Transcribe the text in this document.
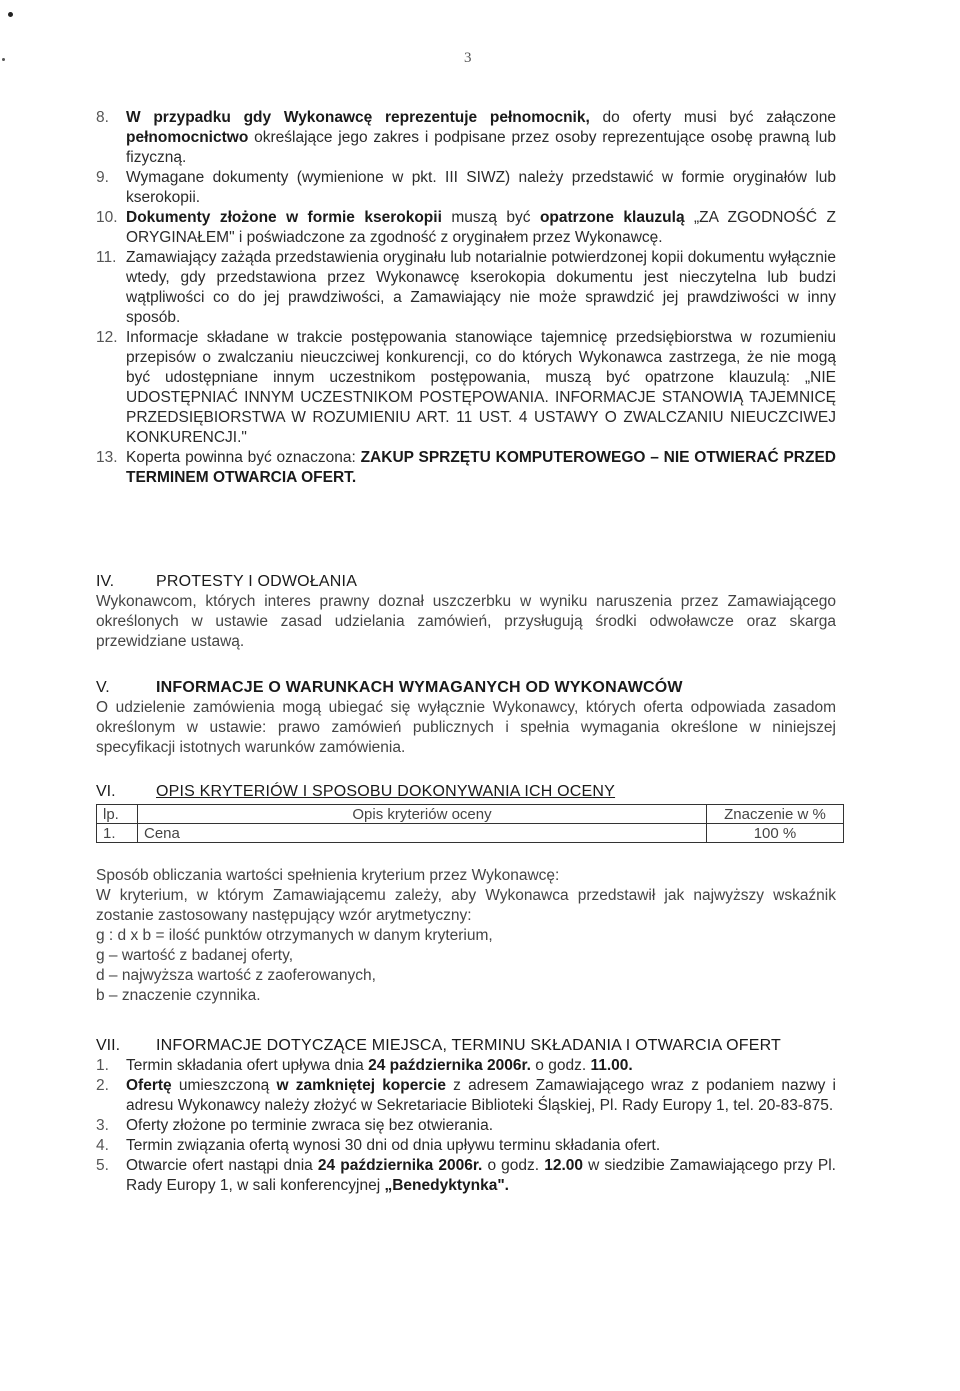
3
8.	W przypadku gdy Wykonawcę reprezentuje pełnomocnik, do oferty musi być załączone pełnomocnictwo określające jego zakres i podpisane przez osoby reprezentujące osobę prawną lub fizyczną.
9.	Wymagane dokumenty (wymienione w pkt. III SIWZ) należy przedstawić w formie oryginałów lub kserokopii.
10. Dokumenty złożone w formie kserokopii muszą być opatrzone klauzulą „ZA ZGODNOŚĆ Z ORYGINAŁEM" i poświadczone za zgodność z oryginałem przez Wykonawcę.
11. Zamawiający zażąda przedstawienia oryginału lub notarialnie potwierdzonej kopii dokumentu wyłącznie wtedy, gdy przedstawiona przez Wykonawcę kserokopia dokumentu jest nieczytelna lub budzi wątpliwości co do jej prawdziwości, a Zamawiający nie może sprawdzić jej prawdziwości w inny sposób.
12. Informacje składane w trakcie postępowania stanowiące tajemnicę przedsiębiorstwa w rozumieniu przepisów o zwalczaniu nieuczciwej konkurencji, co do których Wykonawca zastrzega, że nie mogą być udostępniane innym uczestnikom postępowania, muszą być opatrzone klauzulą: „NIE UDOSTĘPNIAĆ INNYM UCZESTNIKOM POSTĘPOWANIA. INFORMACJE STANOWIĄ TAJEMNICĘ PRZEDSIĘBIORSTWA W ROZUMIENIU ART. 11 UST. 4 USTAWY O ZWALCZANIU NIEUCZCIWEJ KONKURENCJI."
13. Koperta powinna być oznaczona: ZAKUP SPRZĘTU KOMPUTEROWEGO – NIE OTWIERAĆ PRZED TERMINEM OTWARCIA OFERT.
IV.	PROTESTY I ODWOŁANIA
Wykonawcom, których interes prawny doznał uszczerbku w wyniku naruszenia przez Zamawiającego określonych w ustawie zasad udzielania zamówień, przysługują środki odwoławcze oraz skarga przewidziane ustawą.
V.	INFORMACJE O WARUNKACH WYMAGANYCH OD WYKONAWCÓW
O udzielenie zamówienia mogą ubiegać się wyłącznie Wykonawcy, których oferta odpowiada zasadom określonym w ustawie: prawo zamówień publicznych i spełnia wymagania określone w niniejszej specyfikacji istotnych warunków zamówienia.
VI.	OPIS KRYTERIÓW I SPOSOBU DOKONYWANIA ICH OCENY
lp.	Opis kryteriów oceny	Znaczenie w %
1.	Cena	100 %
Sposób obliczania wartości spełnienia kryterium przez Wykonawcę:
W kryterium, w którym Zamawiającemu zależy, aby Wykonawca przedstawił jak najwyższy wskaźnik zostanie zastosowany następujący wzór arytmetyczny:
g : d x b = ilość punktów otrzymanych w danym kryterium,
g – wartość z badanej oferty,
d – najwyższa wartość z zaoferowanych,
b – znaczenie czynnika.
VII.	INFORMACJE DOTYCZĄCE MIEJSCA, TERMINU SKŁADANIA I OTWARCIA OFERT
1.	Termin składania ofert upływa dnia 24 października 2006r. o godz. 11.00.
2.	Ofertę umieszczoną w zamkniętej kopercie z adresem Zamawiającego wraz z podaniem nazwy i adresu Wykonawcy należy złożyć w Sekretariacie Biblioteki Śląskiej, Pl. Rady Europy 1, tel. 20-83-875.
3.	Oferty złożone po terminie zwraca się bez otwierania.
4.	Termin związania ofertą wynosi 30 dni od dnia upływu terminu składania ofert.
5.	Otwarcie ofert nastąpi dnia 24 października 2006r. o godz. 12.00 w siedzibie Zamawiającego przy Pl. Rady Europy 1, w sali konferencyjnej „Benedyktynka".
